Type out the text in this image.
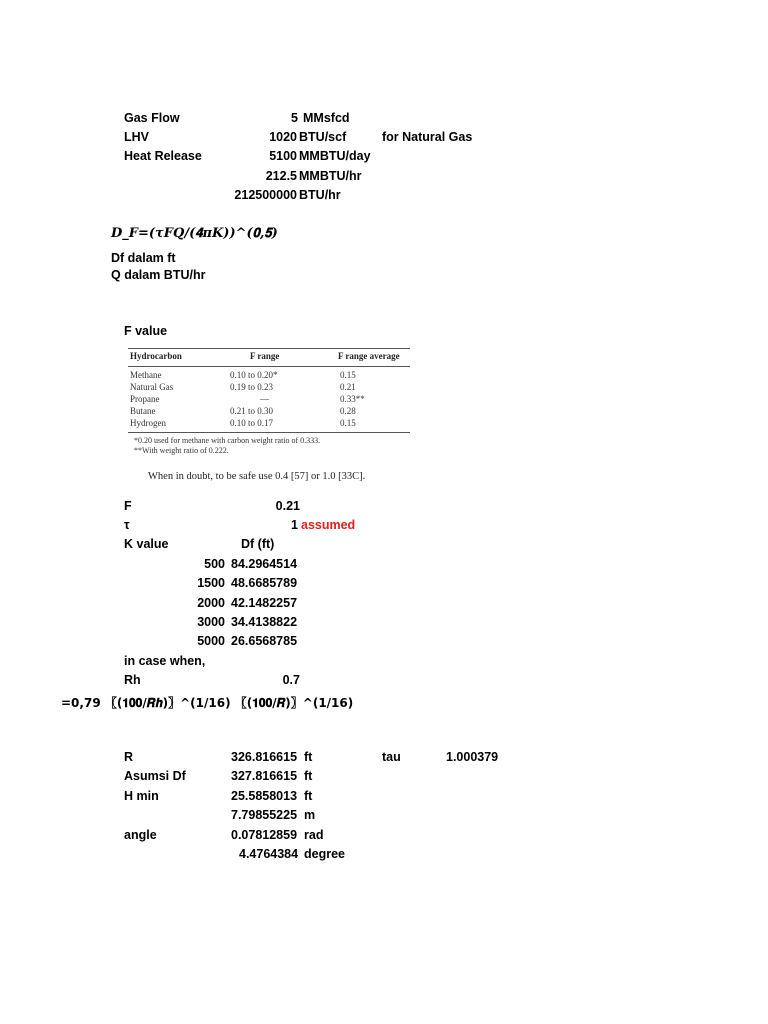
Gas Flow	5 MMsfcd
LHV	1020 BTU/scf	for Natural Gas
Heat Release	5100 MMBTU/day
212.5 MMBTU/hr
212500000 BTU/hr
𝑫_𝑭=(𝝉𝑭𝑸/(𝟒𝝅𝑲))^(𝟎,𝟓)
Df dalam ft
Q dalam BTU/hr
F value
Hydrocarbon	F range	F range average
Methane	0.10 to 0.20*	0.15
Natural Gas	0.19 to 0.23	0.21
Propane	—	0.33**
Butane	0.21 to 0.30	0.28
Hydrogen	0.10 to 0.17	0.15
*0.20 used for methane with carbon weight ratio of 0.333.
**With weight ratio of 0.222.
When in doubt, to be safe use 0.4 [57] or 1.0 [33C].
F	0.21
τ	1 assumed
K value	Df (ft)
500 84.2964514
1500 48.6685789
2000 42.1482257
3000 34.4138822
5000 26.6568785
in case when,
Rh	0.7
=0,79 〖(𝟏𝟎𝟎/𝑹𝒉)〗^(1/16) 〖(𝟏𝟎𝟎/𝑹)〗^(1/16)
R	326.816615 ft	tau	1.000379
Asumsi Df	327.816615 ft
H min	25.5858013 ft
7.79855225 m
angle	0.07812859 rad
4.4764384 degree
